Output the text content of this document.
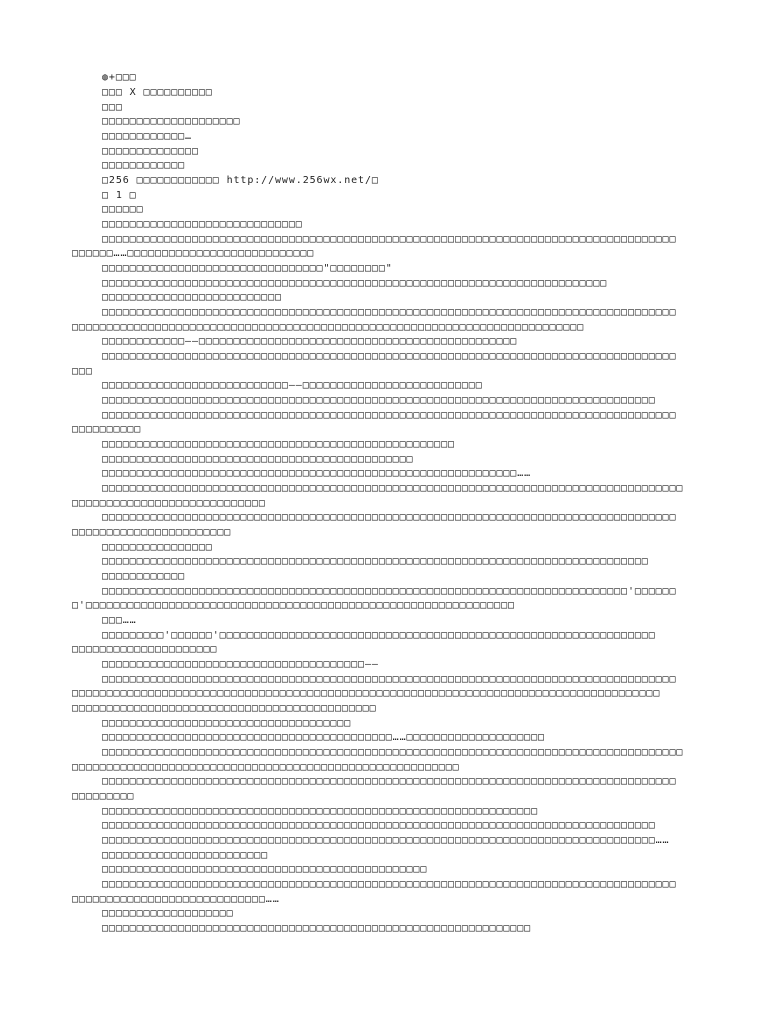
◍+□□□
□□□ X □□□□□□□□□□
□□□
□□□□□□□□□□□□□□□□□□□□
□□□□□□□□□□□□…
□□□□□□□□□□□□□□
□□□□□□□□□□□□
□256 □□□□□□□□□□□□ http://www.256wx.net/□
□ 1 □
□□□□□□
□□□□□□□□□□□□□□□□□□□□□□□□□□□□□
□□□□□□□□□□□□□□□□□□□□□□□□□□□□□□□□□□□□□□□□□□□□□□□□□□□□□□□□□□□□□□□□□□□□□□□□□□□□□□□□□□□
□□□□□□……□□□□□□□□□□□□□□□□□□□□□□□□□□□
□□□□□□□□□□□□□□□□□□□□□□□□□□□□□□□□"□□□□□□□□"
□□□□□□□□□□□□□□□□□□□□□□□□□□□□□□□□□□□□□□□□□□□□□□□□□□□□□□□□□□□□□□□□□□□□□□□□□
□□□□□□□□□□□□□□□□□□□□□□□□□□
□□□□□□□□□□□□□□□□□□□□□□□□□□□□□□□□□□□□□□□□□□□□□□□□□□□□□□□□□□□□□□□□□□□□□□□□□□□□□□□□□□□
□□□□□□□□□□□□□□□□□□□□□□□□□□□□□□□□□□□□□□□□□□□□□□□□□□□□□□□□□□□□□□□□□□□□□□□□□□
□□□□□□□□□□□□——□□□□□□□□□□□□□□□□□□□□□□□□□□□□□□□□□□□□□□□□□□□□□□
□□□□□□□□□□□□□□□□□□□□□□□□□□□□□□□□□□□□□□□□□□□□□□□□□□□□□□□□□□□□□□□□□□□□□□□□□□□□□□□□□□□
□□□
□□□□□□□□□□□□□□□□□□□□□□□□□□□——□□□□□□□□□□□□□□□□□□□□□□□□□□
□□□□□□□□□□□□□□□□□□□□□□□□□□□□□□□□□□□□□□□□□□□□□□□□□□□□□□□□□□□□□□□□□□□□□□□□□□□□□□□□
□□□□□□□□□□□□□□□□□□□□□□□□□□□□□□□□□□□□□□□□□□□□□□□□□□□□□□□□□□□□□□□□□□□□□□□□□□□□□□□□□□□
□□□□□□□□□□
□□□□□□□□□□□□□□□□□□□□□□□□□□□□□□□□□□□□□□□□□□□□□□□□□□□
□□□□□□□□□□□□□□□□□□□□□□□□□□□□□□□□□□□□□□□□□□□□□
□□□□□□□□□□□□□□□□□□□□□□□□□□□□□□□□□□□□□□□□□□□□□□□□□□□□□□□□□□□□……
□□□□□□□□□□□□□□□□□□□□□□□□□□□□□□□□□□□□□□□□□□□□□□□□□□□□□□□□□□□□□□□□□□□□□□□□□□□□□□□□□□□□
□□□□□□□□□□□□□□□□□□□□□□□□□□□□
□□□□□□□□□□□□□□□□□□□□□□□□□□□□□□□□□□□□□□□□□□□□□□□□□□□□□□□□□□□□□□□□□□□□□□□□□□□□□□□□□□□
□□□□□□□□□□□□□□□□□□□□□□□
□□□□□□□□□□□□□□□□
□□□□□□□□□□□□□□□□□□□□□□□□□□□□□□□□□□□□□□□□□□□□□□□□□□□□□□□□□□□□□□□□□□□□□□□□□□□□□□□
□□□□□□□□□□□□
□□□□□□□□□□□□□□□□□□□□□□□□□□□□□□□□□□□□□□□□□□□□□□□□□□□□□□□□□□□□□□□□□□□□□□□□□□□□'□□□□□□
□'□□□□□□□□□□□□□□□□□□□□□□□□□□□□□□□□□□□□□□□□□□□□□□□□□□□□□□□□□□□□□□
□□□……
□□□□□□□□□'□□□□□□'□□□□□□□□□□□□□□□□□□□□□□□□□□□□□□□□□□□□□□□□□□□□□□□□□□□□□□□□□□□□□□□
□□□□□□□□□□□□□□□□□□□□□
□□□□□□□□□□□□□□□□□□□□□□□□□□□□□□□□□□□□□□——
□□□□□□□□□□□□□□□□□□□□□□□□□□□□□□□□□□□□□□□□□□□□□□□□□□□□□□□□□□□□□□□□□□□□□□□□□□□□□□□□□□□
□□□□□□□□□□□□□□□□□□□□□□□□□□□□□□□□□□□□□□□□□□□□□□□□□□□□□□□□□□□□□□□□□□□□□□□□□□□□□□□□□□□□□
□□□□□□□□□□□□□□□□□□□□□□□□□□□□□□□□□□□□□□□□□□□□
□□□□□□□□□□□□□□□□□□□□□□□□□□□□□□□□□□□□
□□□□□□□□□□□□□□□□□□□□□□□□□□□□□□□□□□□□□□□□□□……□□□□□□□□□□□□□□□□□□□□
□□□□□□□□□□□□□□□□□□□□□□□□□□□□□□□□□□□□□□□□□□□□□□□□□□□□□□□□□□□□□□□□□□□□□□□□□□□□□□□□□□□□
□□□□□□□□□□□□□□□□□□□□□□□□□□□□□□□□□□□□□□□□□□□□□□□□□□□□□□□□
□□□□□□□□□□□□□□□□□□□□□□□□□□□□□□□□□□□□□□□□□□□□□□□□□□□□□□□□□□□□□□□□□□□□□□□□□□□□□□□□□□□
□□□□□□□□□
□□□□□□□□□□□□□□□□□□□□□□□□□□□□□□□□□□□□□□□□□□□□□□□□□□□□□□□□□□□□□□□
□□□□□□□□□□□□□□□□□□□□□□□□□□□□□□□□□□□□□□□□□□□□□□□□□□□□□□□□□□□□□□□□□□□□□□□□□□□□□□□□
□□□□□□□□□□□□□□□□□□□□□□□□□□□□□□□□□□□□□□□□□□□□□□□□□□□□□□□□□□□□□□□□□□□□□□□□□□□□□□□□……
□□□□□□□□□□□□□□□□□□□□□□□□
□□□□□□□□□□□□□□□□□□□□□□□□□□□□□□□□□□□□□□□□□□□□□□□
□□□□□□□□□□□□□□□□□□□□□□□□□□□□□□□□□□□□□□□□□□□□□□□□□□□□□□□□□□□□□□□□□□□□□□□□□□□□□□□□□□□
□□□□□□□□□□□□□□□□□□□□□□□□□□□□……
□□□□□□□□□□□□□□□□□□□
□□□□□□□□□□□□□□□□□□□□□□□□□□□□□□□□□□□□□□□□□□□□□□□□□□□□□□□□□□□□□□
